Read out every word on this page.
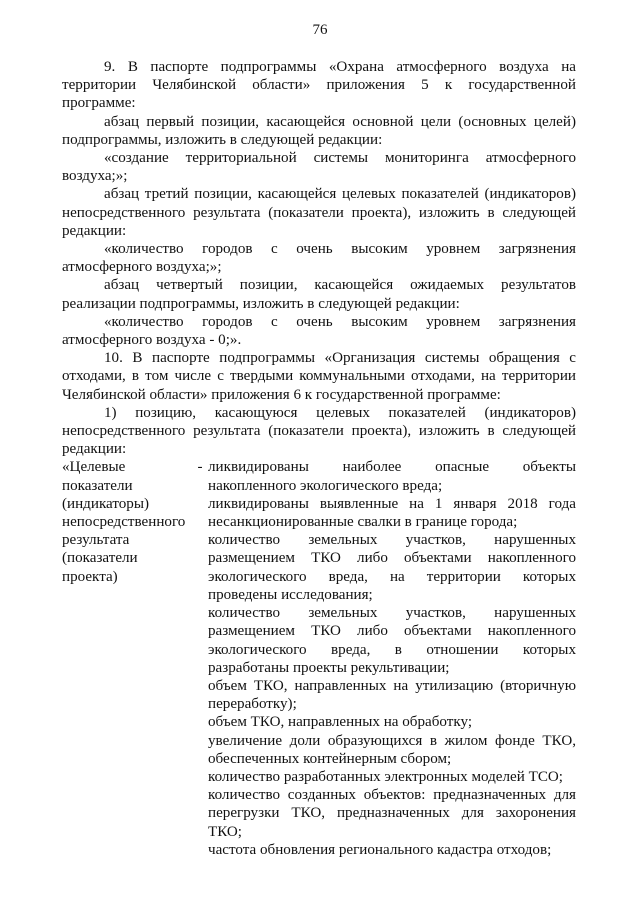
76

9. В паспорте подпрограммы «Охрана атмосферного воздуха на территории Челябинской области» приложения 5 к государственной программе:

абзац первый позиции, касающейся основной цели (основных целей) подпрограммы, изложить в следующей редакции:

«создание территориальной системы мониторинга атмосферного воздуха;»;

абзац третий позиции, касающейся целевых показателей (индикаторов) непосредственного результата (показатели проекта), изложить в следующей редакции:

«количество городов с очень высоким уровнем загрязнения атмосферного воздуха;»;

абзац четвертый позиции, касающейся ожидаемых результатов реализации подпрограммы, изложить в следующей редакции:

«количество городов с очень высоким уровнем загрязнения атмосферного воздуха - 0;».

10. В паспорте подпрограммы «Организация системы обращения с отходами, в том числе с твердыми коммунальными отходами, на территории Челябинской области» приложения 6 к государственной программе:

1) позицию, касающуюся целевых показателей (индикаторов) непосредственного результата (показатели проекта), изложить в следующей редакции:

«Целевые
показатели
(индикаторы)
непосредственного
результата
(показатели
проекта)
- ликвидированы наиболее опасные объекты накопленного экологического вреда;

ликвидированы выявленные на 1 января 2018 года несанкционированные свалки в границе города;

количество земельных участков, нарушенных размещением ТКО либо объектами накопленного экологического вреда, на территории которых проведены исследования;

количество земельных участков, нарушенных размещением ТКО либо объектами накопленного экологического вреда, в отношении которых разработаны проекты рекультивации;

объем ТКО, направленных на утилизацию (вторичную переработку);

объем ТКО, направленных на обработку;

увеличение доли образующихся в жилом фонде ТКО, обеспеченных контейнерным сбором;

количество разработанных электронных моделей ТСО;

количество созданных объектов: предназначенных для перегрузки ТКО, предназначенных для захоронения ТКО;

частота обновления регионального кадастра отходов;
